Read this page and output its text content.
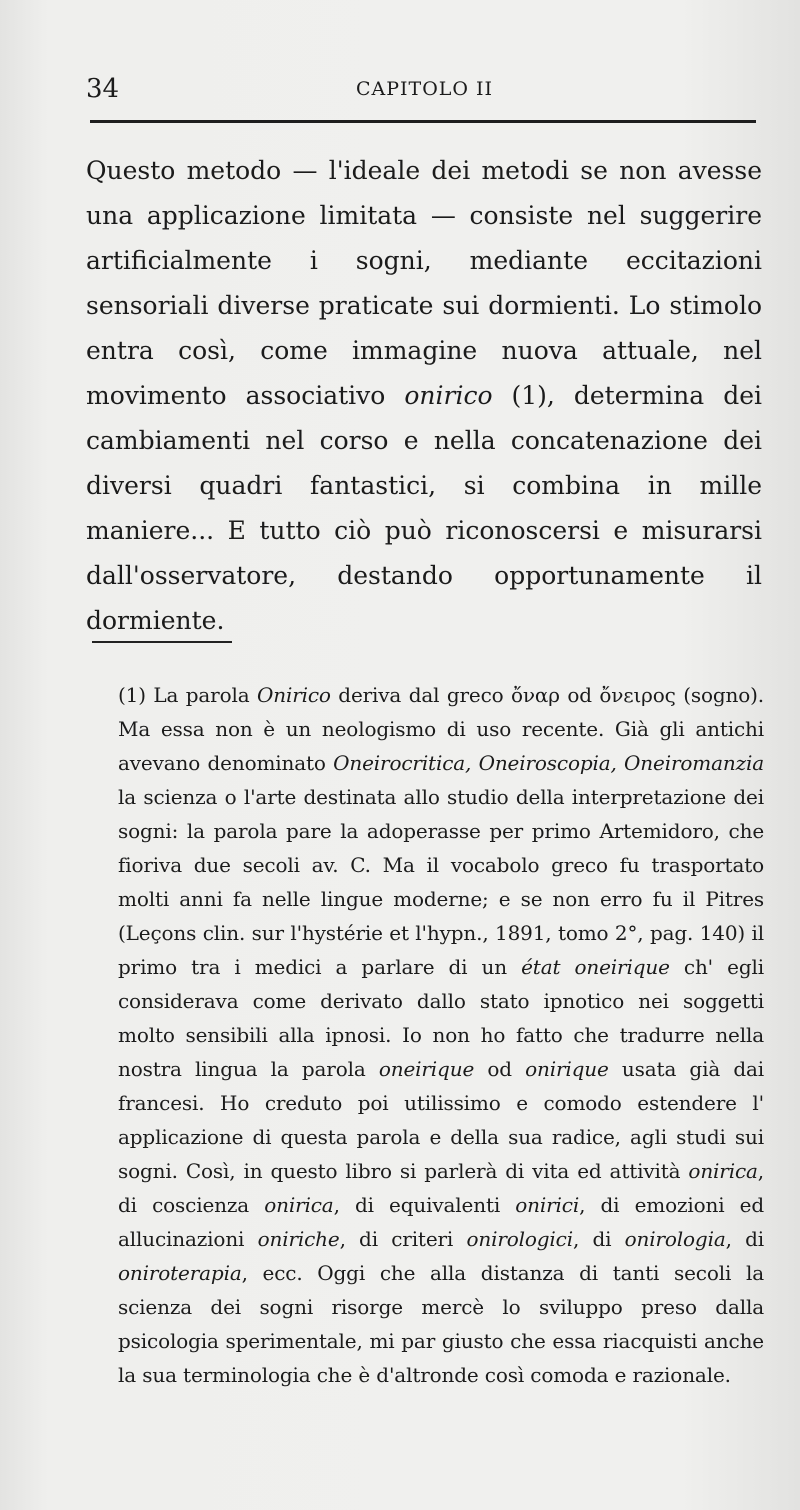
34	CAPITOLO II

Questo metodo — l'ideale dei metodi se non avesse una applicazione limitata — consiste nel suggerire artificialmente i sogni, mediante eccitazioni sensoriali diverse praticate sui dormienti. Lo stimolo entra così, come immagine nuova attuale, nel movimento associativo onirico (1), determina dei cambiamenti nel corso e nella concatenazione dei diversi quadri fantastici, si combina in mille maniere... E tutto ciò può riconoscersi e misurarsi dall'osservatore, destando opportunamente il dormiente.

(1) La parola Onirico deriva dal greco ὄναρ od ὄνειρος (sogno). Ma essa non è un neologismo di uso recente. Già gli antichi avevano denominato Oneirocritica, Oneiroscopia, Oneiromanzia la scienza o l'arte destinata allo studio della interpretazione dei sogni: la parola pare la adoperasse per primo Artemidoro, che fioriva due secoli av. C. Ma il vocabolo greco fu trasportato molti anni fa nelle lingue moderne; e se non erro fu il Pitres (Leçons clin. sur l'hystérie et l'hypn., 1891, tomo 2°, pag. 140) il primo tra i medici a parlare di un état oneirique ch' egli considerava come derivato dallo stato ipnotico nei soggetti molto sensibili alla ipnosi. Io non ho fatto che tradurre nella nostra lingua la parola oneirique od onirique usata già dai francesi. Ho creduto poi utilissimo e comodo estendere l' applicazione di questa parola e della sua radice, agli studi sui sogni. Così, in questo libro si parlerà di vita ed attività onirica, di coscienza onirica, di equivalenti onirici, di emozioni ed allucinazioni oniriche, di criteri onirologici, di onirologia, di oniroterapia, ecc. Oggi che alla distanza di tanti secoli la scienza dei sogni risorge mercè lo sviluppo preso dalla psicologia sperimentale, mi par giusto che essa riacquisti anche la sua terminologia che è d'altronde così comoda e razionale.
